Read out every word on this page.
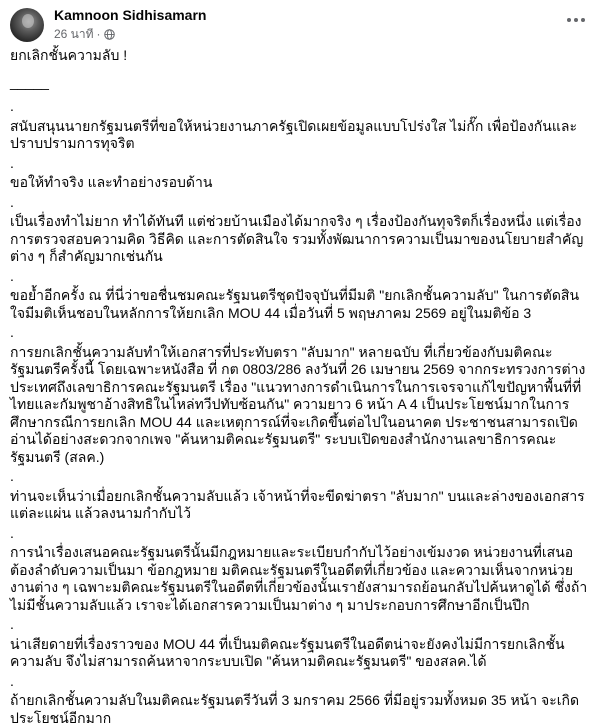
Kamnoon Sidhisamarn
26 นาที ·

ยกเลิกชั้นความลับ !

_____

.

สนับสนุนนายกรัฐมนตรีที่ขอให้หน่วยงานภาครัฐเปิดเผยข้อมูลแบบโปร่งใส ไม่กั๊ก เพื่อป้องกันและปราบปรามการทุจริต

.

ขอให้ทำจริง และทำอย่างรอบด้าน

.

เป็นเรื่องทำไม่ยาก ทำได้ทันที แต่ช่วยบ้านเมืองได้มากจริง ๆ เรื่องป้องกันทุจริตก็เรื่องหนึ่ง แต่เรื่องการตรวจสอบความคิด วิธีคิด และการตัดสินใจ รวมทั้งพัฒนาการความเป็นมาของนโยบายสำคัญต่าง ๆ ก็สำคัญมากเช่นกัน

.

ขอย้ำอีกครั้ง ณ ที่นี่ว่าขอชื่นชมคณะรัฐมนตรีชุดปัจจุบันที่มีมติ "ยกเลิกชั้นความลับ" ในการตัดสินใจมีมติเห็นชอบในหลักการให้ยกเลิก MOU 44 เมื่อวันที่ 5 พฤษภาคม 2569 อยู่ในมติข้อ 3

.

การยกเลิกชั้นความลับทำให้เอกสารที่ประทับตรา "ลับมาก" หลายฉบับ ที่เกี่ยวข้องกับมติคณะรัฐมนตรีครั้งนี้ โดยเฉพาะหนังสือ ที่ กต 0803/286 ลงวันที่ 26 เมษายน 2569 จากกระทรวงการต่างประเทศถึงเลขาธิการคณะรัฐมนตรี เรื่อง "แนวทางการดำเนินการในการเจรจาแก้ไขปัญหาพื้นที่ที่ไทยและกัมพูชาอ้างสิทธิในไหล่ทวีปทับซ้อนกัน" ความยาว 6 หน้า A 4 เป็นประโยชน์มากในการศึกษากรณีการยกเลิก MOU 44 และเหตุการณ์ที่จะเกิดขึ้นต่อไปในอนาคต ประชาชนสามารถเปิดอ่านได้อย่างสะดวกจากเพจ "ค้นหามติคณะรัฐมนตรี" ระบบเปิดของสำนักงานเลขาธิการคณะรัฐมนตรี (สลค.)

.

ท่านจะเห็นว่าเมื่อยกเลิกชั้นความลับแล้ว เจ้าหน้าที่จะขีดฆ่าตรา "ลับมาก" บนและล่างของเอกสารแต่ละแผ่น แล้วลงนามกำกับไว้

.

การนำเรื่องเสนอคณะรัฐมนตรีนั้นมีกฎหมายและระเบียบกำกับไว้อย่างเข้มงวด หน่วยงานที่เสนอต้องลำดับความเป็นมา ข้อกฎหมาย มติคณะรัฐมนตรีในอดีตที่เกี่ยวข้อง และความเห็นจากหน่วยงานต่าง ๆ เฉพาะมติคณะรัฐมนตรีในอดีตที่เกี่ยวข้องนั้นเรายังสามารถย้อนกลับไปค้นหาดูได้ ซึ่งถ้าไม่มีชั้นความลับแล้ว เราจะได้เอกสารความเป็นมาต่าง ๆ มาประกอบการศึกษาอีกเป็นปึก

.

น่าเสียดายที่เรื่องราวของ MOU 44 ที่เป็นมติคณะรัฐมนตรีในอดีตน่าจะยังคงไม่มีการยกเลิกชั้นความลับ จึงไม่สามารถค้นหาจากระบบเปิด "ค้นหามติคณะรัฐมนตรี" ของสลค.ได้

.

ถ้ายกเลิกชั้นความลับในมติคณะรัฐมนตรีวันที่ 3 มกราคม 2566 ที่มีอยู่รวมทั้งหมด 35 หน้า จะเกิดประโยชน์อีกมาก
